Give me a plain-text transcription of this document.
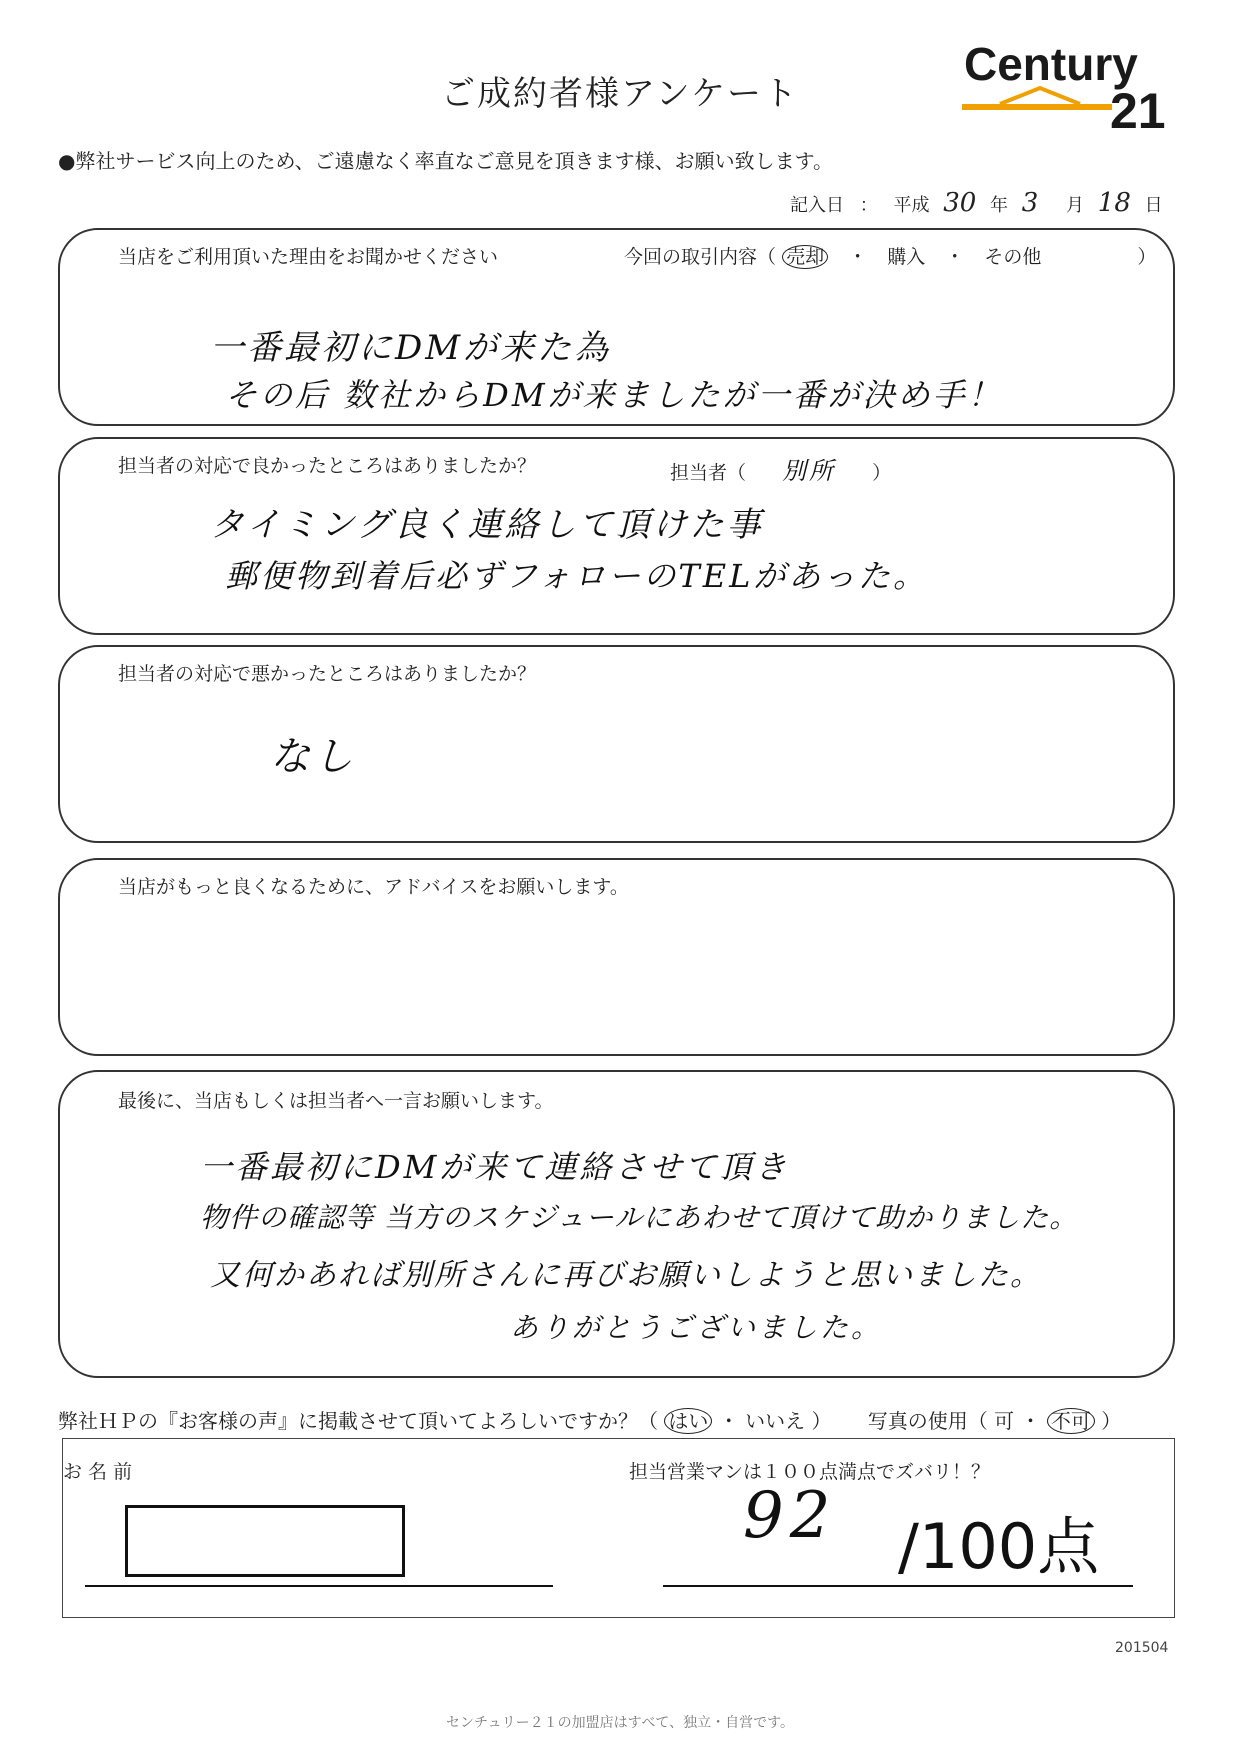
ご成約者様アンケート
Century
21
●弊社サービス向上のため、ご遠慮なく率直なご意見を頂きます様、お願い致します。
記入日 ： 平成 30 年 3 月 18 日
当店をご利用頂いた理由をお聞かせください	今回の取引内容（ 売却 ・ 購入 ・ その他	）
一番最初にDMが来た為
その后 数社からDMが来ましたが一番が決め手！
担当者の対応で良かったところはありましたか？	担当者（ 別所 ）
タイミング良く連絡して頂けた事
郵便物到着后必ずフォローのTELがあった。
担当者の対応で悪かったところはありましたか？
なし
当店がもっと良くなるために、アドバイスをお願いします。
最後に、当店もしくは担当者へ一言お願いします。
一番最初にDMが来て連絡させて頂き
物件の確認等 当方のスケジュールにあわせて頂けて助かりました。
又何かあれば別所さんに再びお願いしようと思いました。
ありがとうございました。
弊社ＨＰの『お客様の声』に掲載させて頂いてよろしいですか？（ はい ・ いいえ ） 写真の使用（ 可 ・ 不可 ）
お 名 前	担当営業マンは１００点満点でズバリ！？
92 /100点
201504
センチュリー２１の加盟店はすべて、独立・自営です。
